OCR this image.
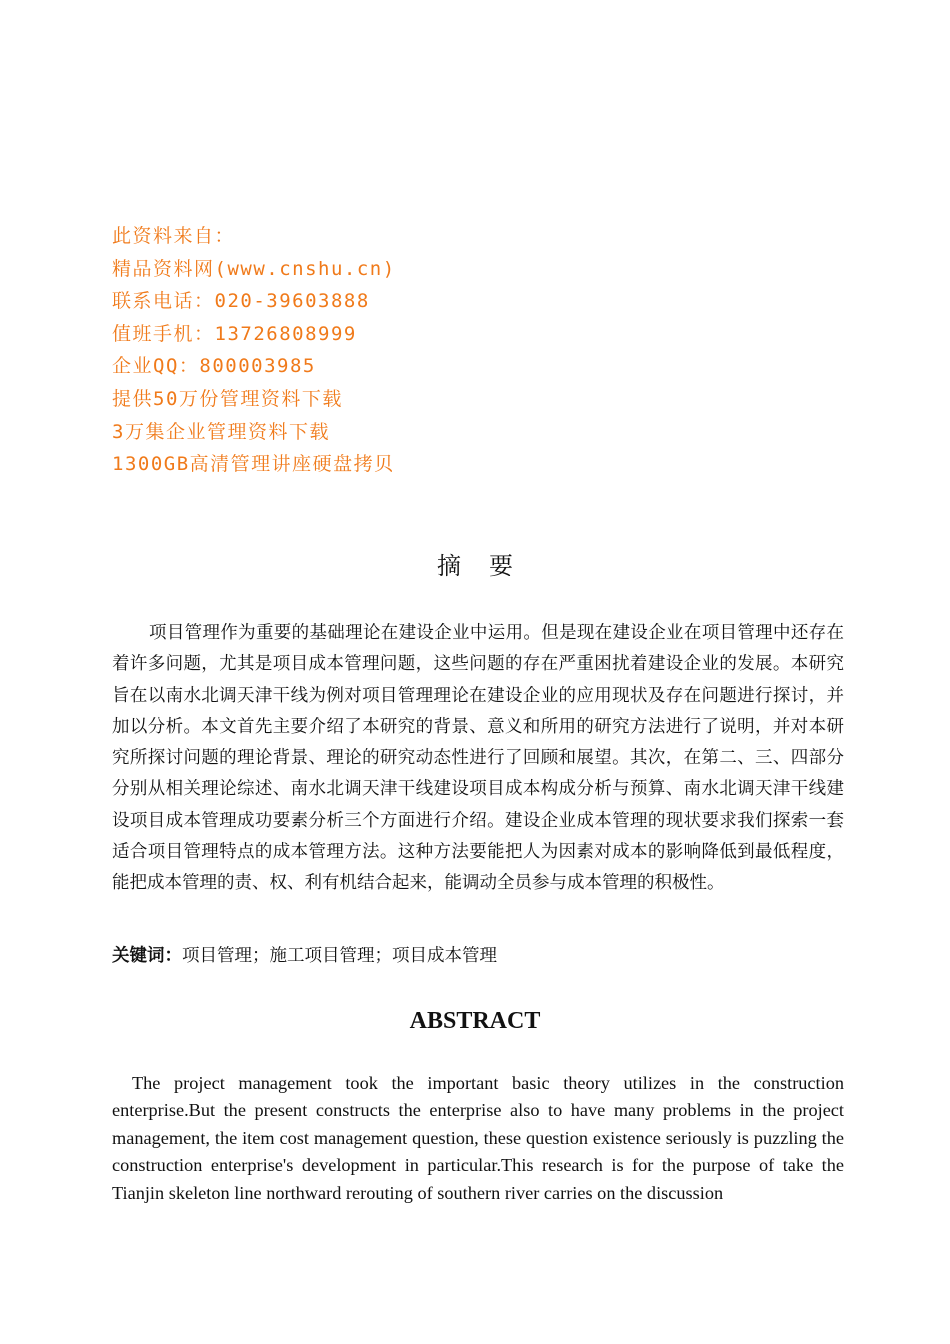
此资料来自：
精品资料网(www.cnshu.cn)
联系电话：020-39603888
值班手机：13726808999
企业QQ：800003985
提供50万份管理资料下载
3万集企业管理资料下载
1300GB高清管理讲座硬盘拷贝
摘要
项目管理作为重要的基础理论在建设企业中运用。但是现在建设企业在项目管理中还存在着许多问题，尤其是项目成本管理问题，这些问题的存在严重困扰着建设企业的发展。本研究旨在以南水北调天津干线为例对项目管理理论在建设企业的应用现状及存在问题进行探讨，并加以分析。本文首先主要介绍了本研究的背景、意义和所用的研究方法进行了说明，并对本研究所探讨问题的理论背景、理论的研究动态性进行了回顾和展望。其次，在第二、三、四部分分别从相关理论综述、南水北调天津干线建设项目成本构成分析与预算、南水北调天津干线建设项目成本管理成功要素分析三个方面进行介绍。建设企业成本管理的现状要求我们探索一套适合项目管理特点的成本管理方法。这种方法要能把人为因素对成本的影响降低到最低程度，能把成本管理的责、权、利有机结合起来，能调动全员参与成本管理的积极性。
关键词：项目管理；施工项目管理；项目成本管理
ABSTRACT
The project management took the important basic theory utilizes in the construction enterprise.But the present constructs the enterprise also to have many problems in the project management, the item cost management question, these question existence seriously is puzzling the construction enterprise's development in particular.This research is for the purpose of take the Tianjin skeleton line northward rerouting of southern river carries on the discussion
